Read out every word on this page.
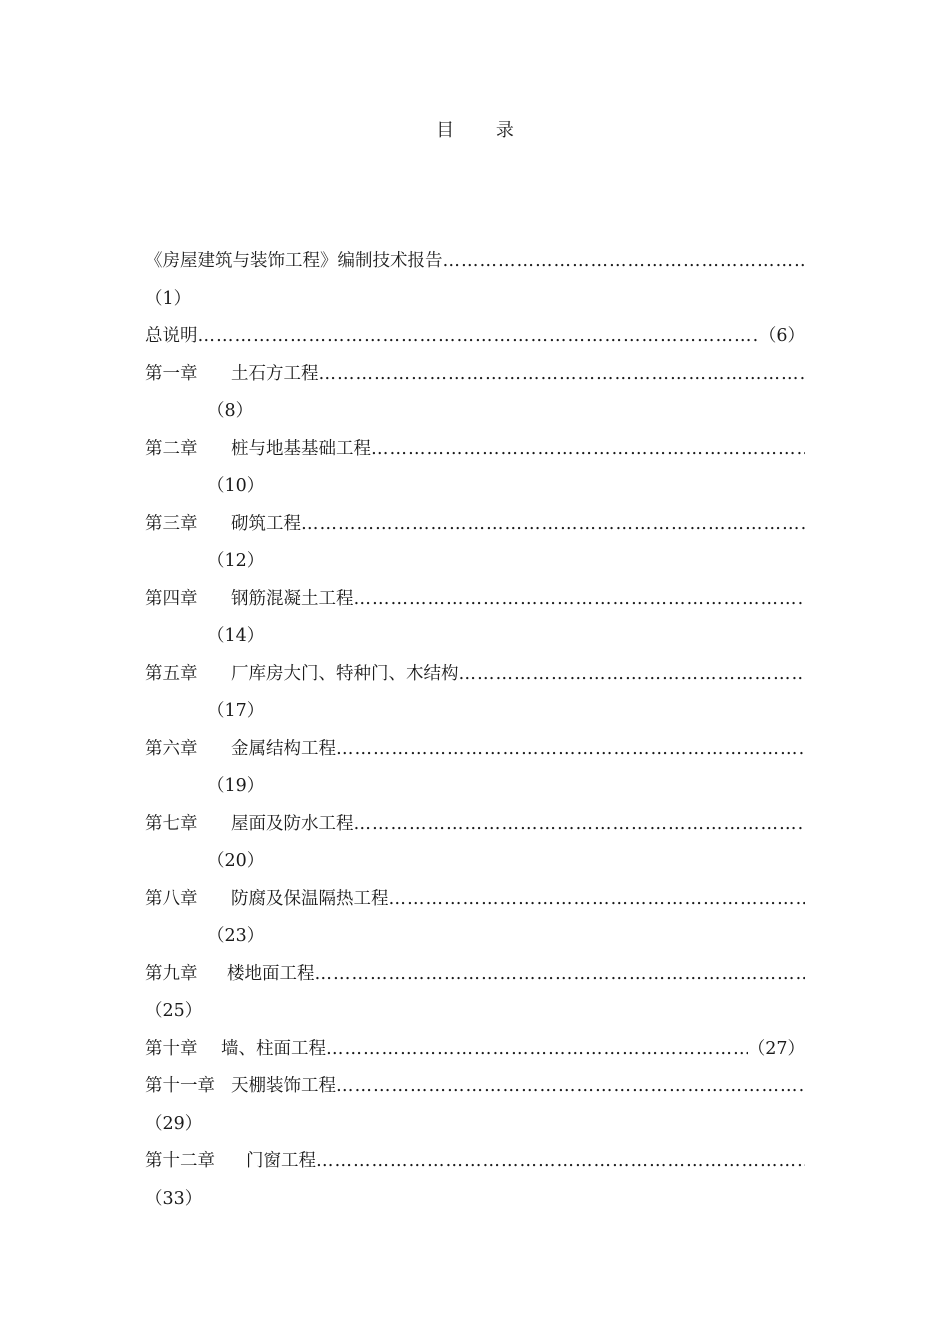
目 录
《房屋建筑与装饰工程》编制技术报告
…………………………………………………………………………………………………………………………………………………………………
（1）
总说明 …………………………………………………………………………………………………………………………………………………………………	（6）
第一章	土石方工程
…………………………………………………………………………………………………………………………………………………………………
（8）
第二章	桩与地基基础工程
…………………………………………………………………………………………………………………………………………………………………
（10）
第三章	砌筑工程
…………………………………………………………………………………………………………………………………………………………………
（12）
第四章	钢筋混凝土工程
…………………………………………………………………………………………………………………………………………………………………
（14）
第五章	厂库房大门、特种门、木结构
…………………………………………………………………………………………………………………………………………………………………
（17）
第六章	金属结构工程
…………………………………………………………………………………………………………………………………………………………………
（19）
第七章	屋面及防水工程
…………………………………………………………………………………………………………………………………………………………………
（20）
第八章	防腐及保温隔热工程
…………………………………………………………………………………………………………………………………………………………………
（23）
第九章	楼地面工程
…………………………………………………………………………………………………………………………………………………………………
（25）
第十章	墙、柱面工程 …………………………………………………………………………………………………………………………………………………………………	（27）
第十一章 天棚装饰工程
…………………………………………………………………………………………………………………………………………………………………
（29）
第十二章	门窗工程
…………………………………………………………………………………………………………………………………………………………………
（33）
